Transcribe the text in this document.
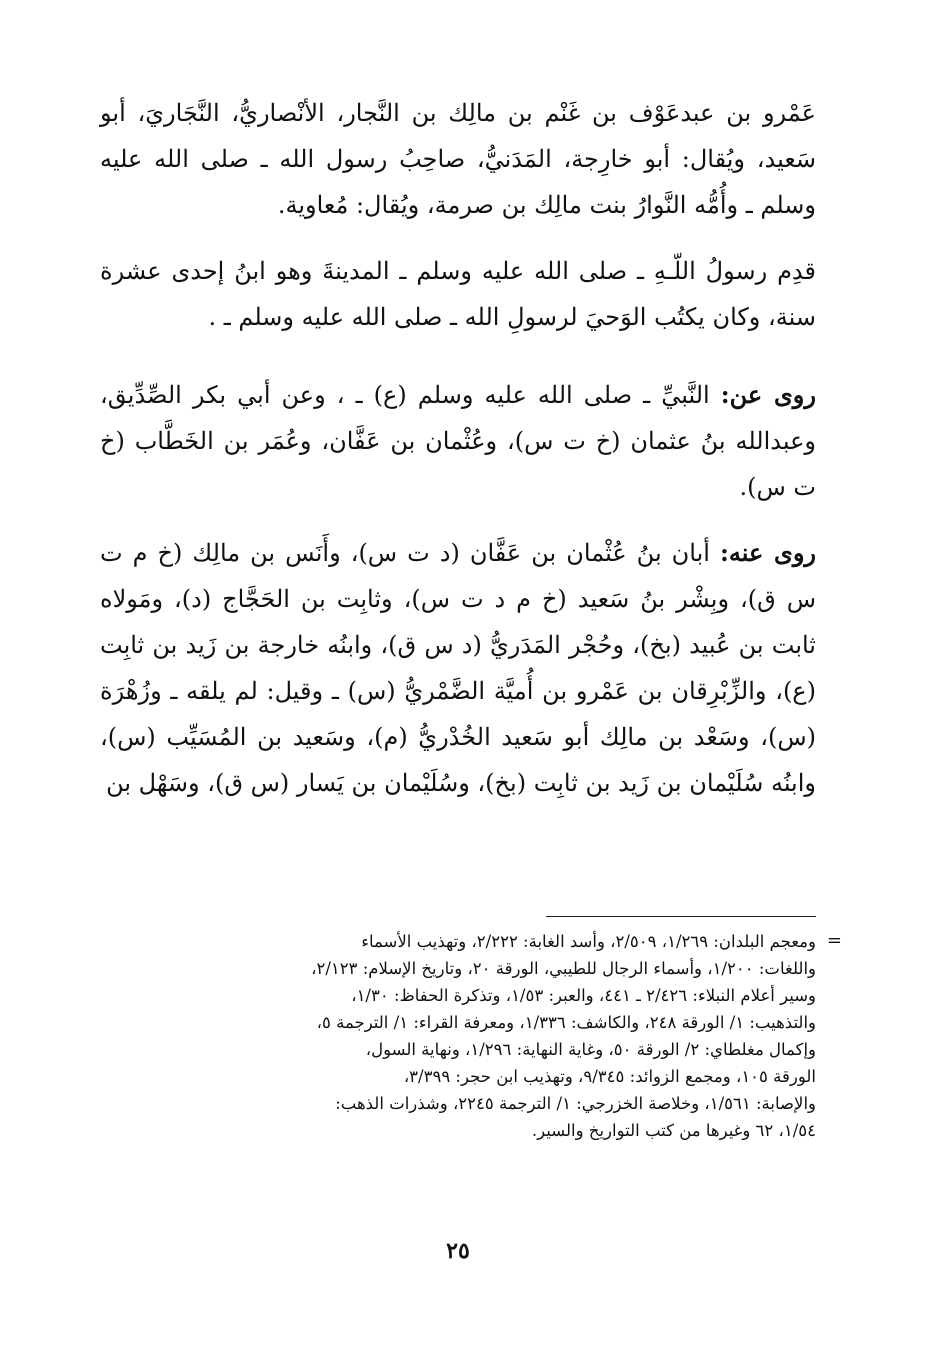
عَمْرو بن عبدعَوْف بن غَنْم بن مالِك بن النَّجار، الأنْصاريُّ، النَّجَاريَ، أبو سَعيد، ويُقال: أبو خارِجة، المَدَنيُّ، صاحِبُ رسول الله ـ صلى الله عليه وسلم ـ وأُمُّه النَّوارُ بنت مالِك بن صرمة، ويُقال: مُعاوية.

قدِم رسولُ اللّـهِ ـ صلى الله عليه وسلم ـ المدينةَ وهو ابنُ إحدى عشرة سنة، وكان يكتُب الوَحيَ لرسولِ الله ـ صلى الله عليه وسلم ـ .

روى عن: النَّبيِّ ـ صلى الله عليه وسلم (ع) ـ ، وعن أبي بكر الصِّدِّيق، وعبدالله بنُ عثمان (خ ت س)، وعُثْمان بن عَفَّان، وعُمَر بن الخَطَّاب (خ ت س).

روى عنه: أبان بنُ عُثْمان بن عَفَّان (د ت س)، وأَنَس بن مالِك (خ م ت س ق)، وبِشْر بنُ سَعيد (خ م د ت س)، وثابِت بن الحَجَّاج (د)، ومَولاه ثابت بن عُبيد (بخ)، وحُجْر المَدَريُّ (د س ق)، وابنُه خارجة بن زَيد بن ثابِت (ع)، والزِّبْرِقان بن عَمْرو بن أُميَّة الضَّمْريُّ (س) ـ وقيل: لم يلقه ـ وزُهْرَة (س)، وسَعْد بن مالِك أبو سَعيد الخُدْريُّ (م)، وسَعيد بن المُسَيِّب (س)، وابنُه سُلَيْمان بن زَيد بن ثابِت (بخ)، وسُلَيْمان بن يَسار (س ق)، وسَهْل بن

=

ومعجم البلدان: ١/٢٦٩، ٢/٥٠٩، وأسد الغابة: ٢/٢٢٢، وتهذيب الأسماء

واللغات: ١/٢٠٠، وأسماء الرجال للطيبي، الورقة ٢٠، وتاريخ الإسلام: ٢/١٢٣،

وسير أعلام النبلاء: ٢/٤٢٦ ـ ٤٤١، والعبر: ١/٥٣، وتذكرة الحفاظ: ١/٣٠،

والتذهيب: ١/ الورقة ٢٤٨، والكاشف: ١/٣٣٦، ومعرفة القراء: ١/ الترجمة ٥،

وإكمال مغلطاي: ٢/ الورقة ٥٠، وغاية النهاية: ١/٢٩٦، ونهاية السول،

الورقة ١٠٥، ومجمع الزوائد: ٩/٣٤٥، وتهذيب ابن حجر: ٣/٣٩٩،

والإصابة: ١/٥٦١، وخلاصة الخزرجي: ١/ الترجمة ٢٢٤٥، وشذرات الذهب:

١/٥٤، ٦٢ وغيرها من كتب التواريخ والسير.

٢٥
